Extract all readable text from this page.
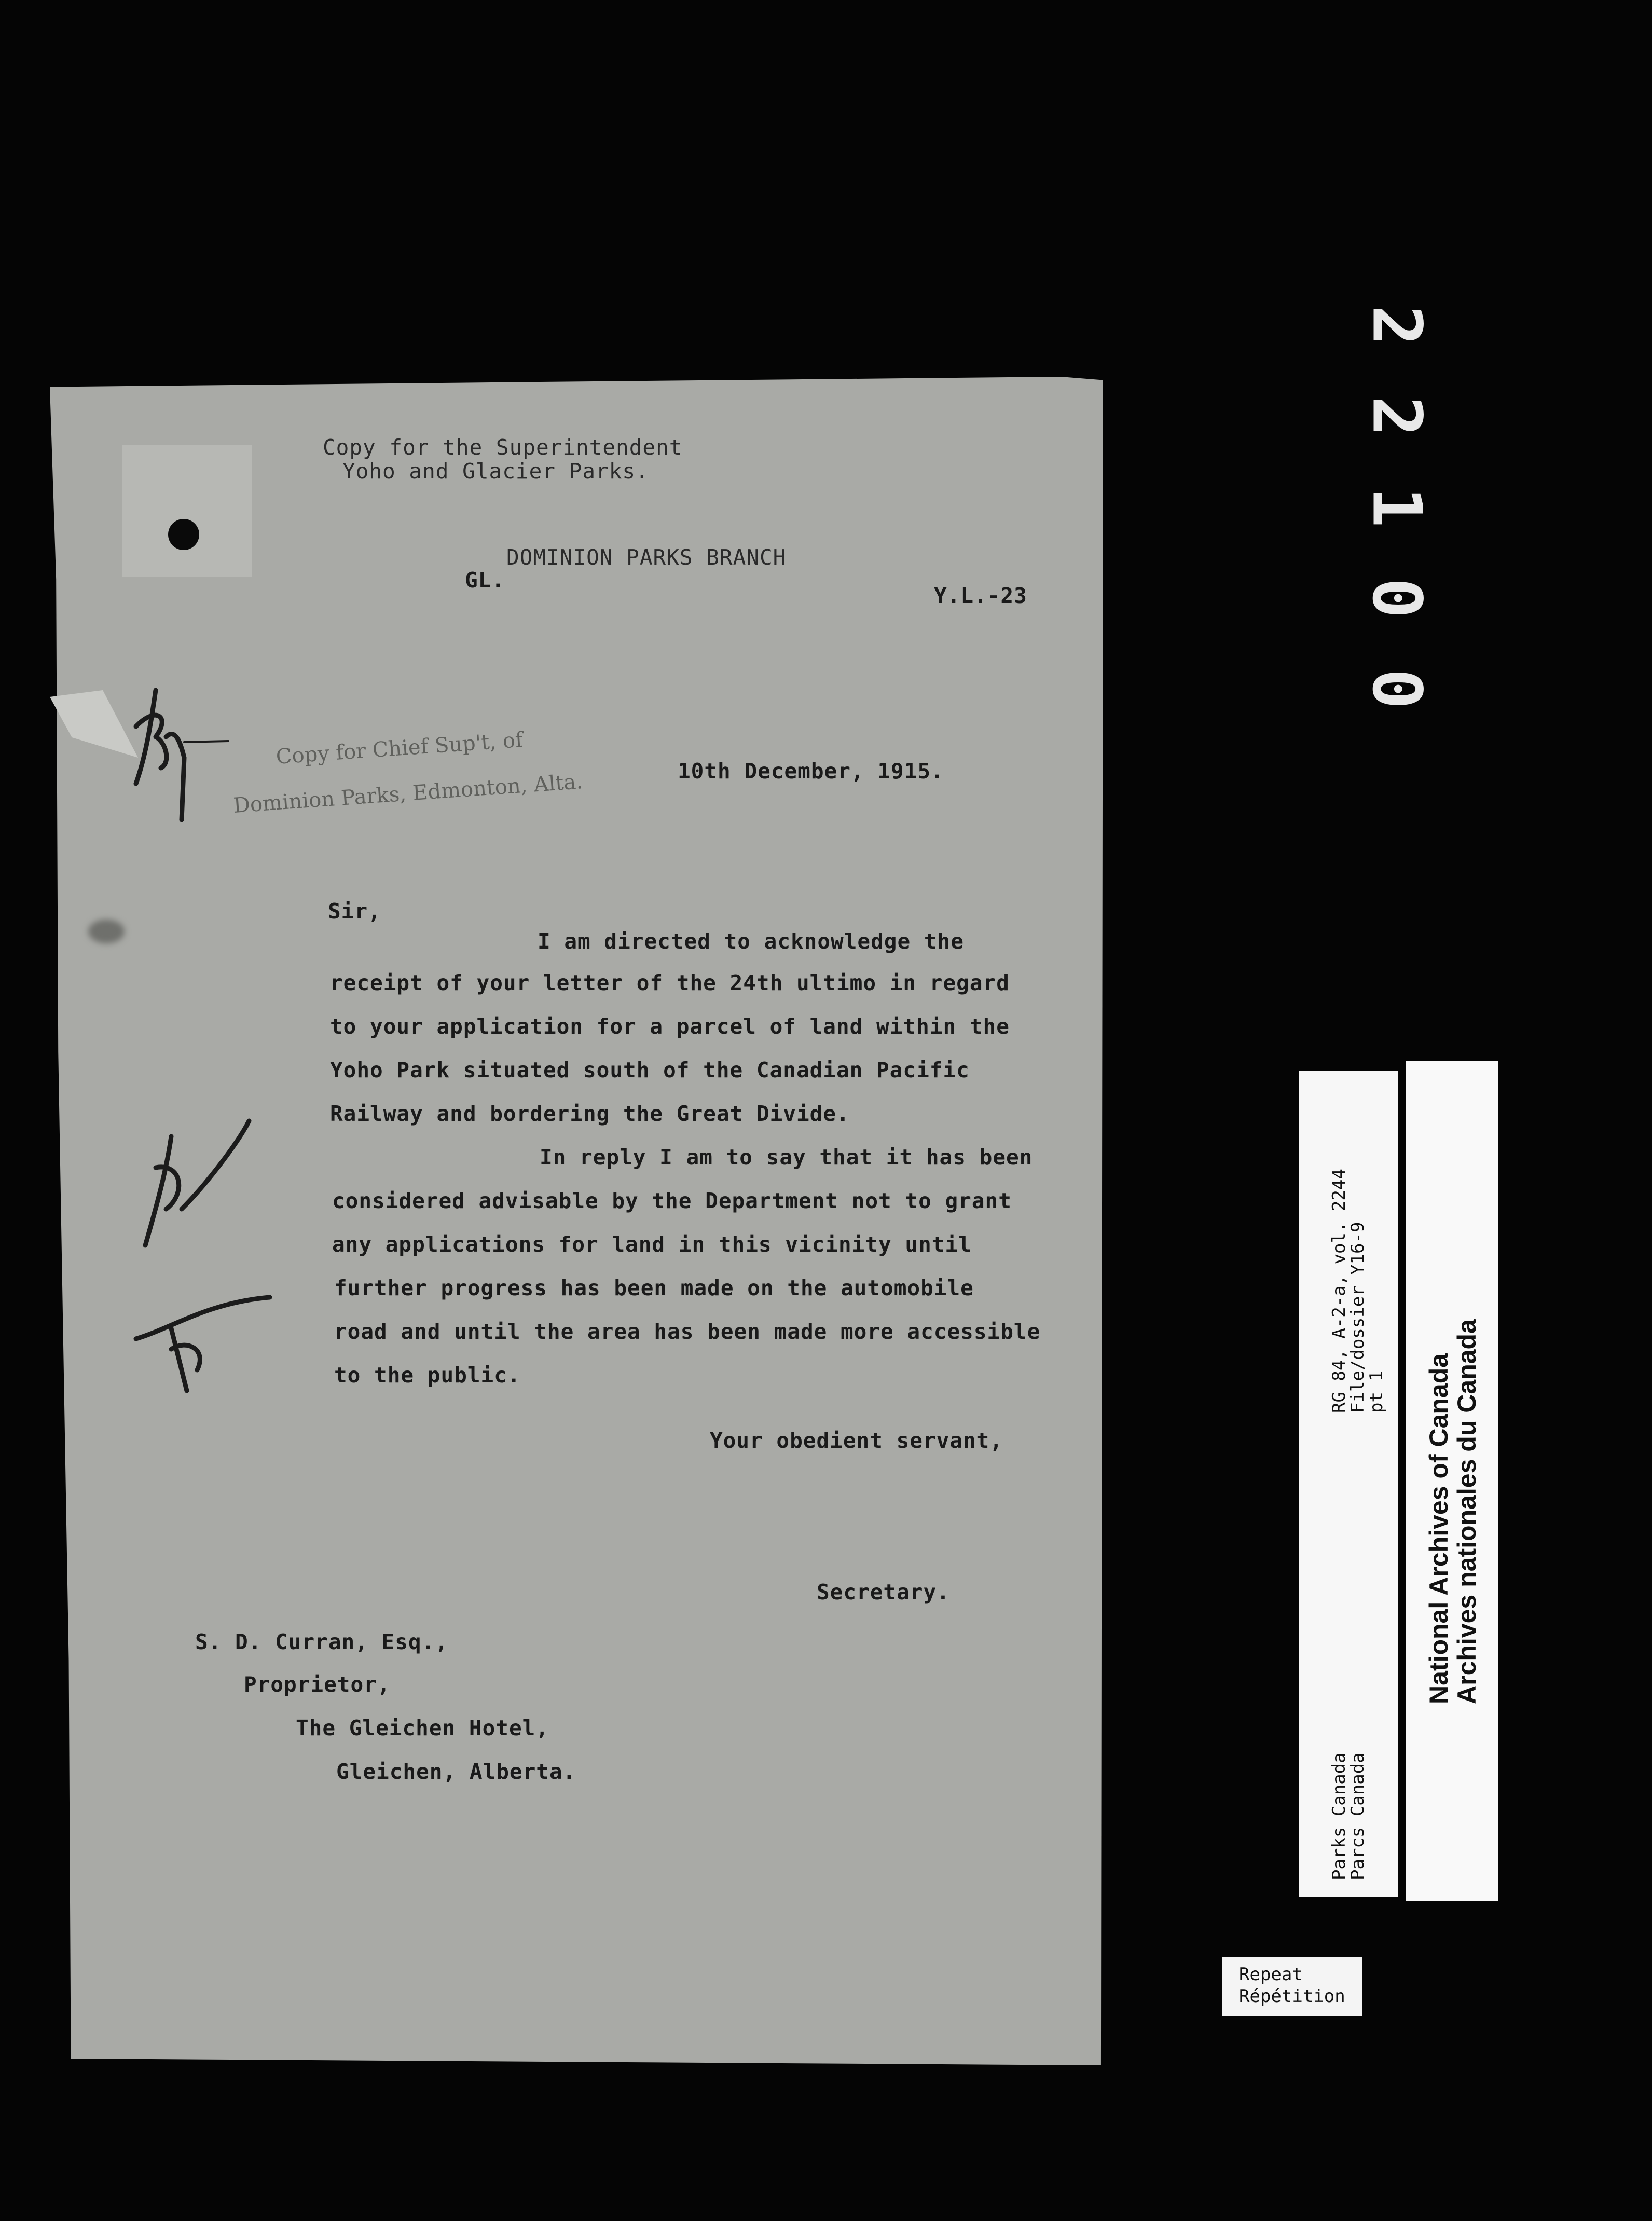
Copy for the Superintendent
Yoho and Glacier Parks.
DOMINION PARKS BRANCH
GL.
Y.L.-23
Copy for Chief Sup't, of
Dominion Parks, Edmonton, Alta.	10th December, 1915.
Sir,
I am directed to acknowledge the
receipt of your letter of the 24th ultimo in regard
to your application for a parcel of land within the
Yoho Park situated south of the Canadian Pacific
Railway and bordering the Great Divide.
In reply I am to say that it has been
considered advisable by the Department not to grant
any applications for land in this vicinity until
further progress has been made on the automobile
road and until the area has been made more accessible
to the public.
Your obedient servant,
Secretary.
S. D. Curran, Esq.,
Proprietor,
The Gleichen Hotel,
Gleichen, Alberta.
2
2
1
0
0
RG 84, A-2-a, vol. 2244
File/dossier Y16-9
pt 1
Parks Canada
Parcs Canada
National Archives of Canada
Archives nationales du Canada
Repeat
Répétition
